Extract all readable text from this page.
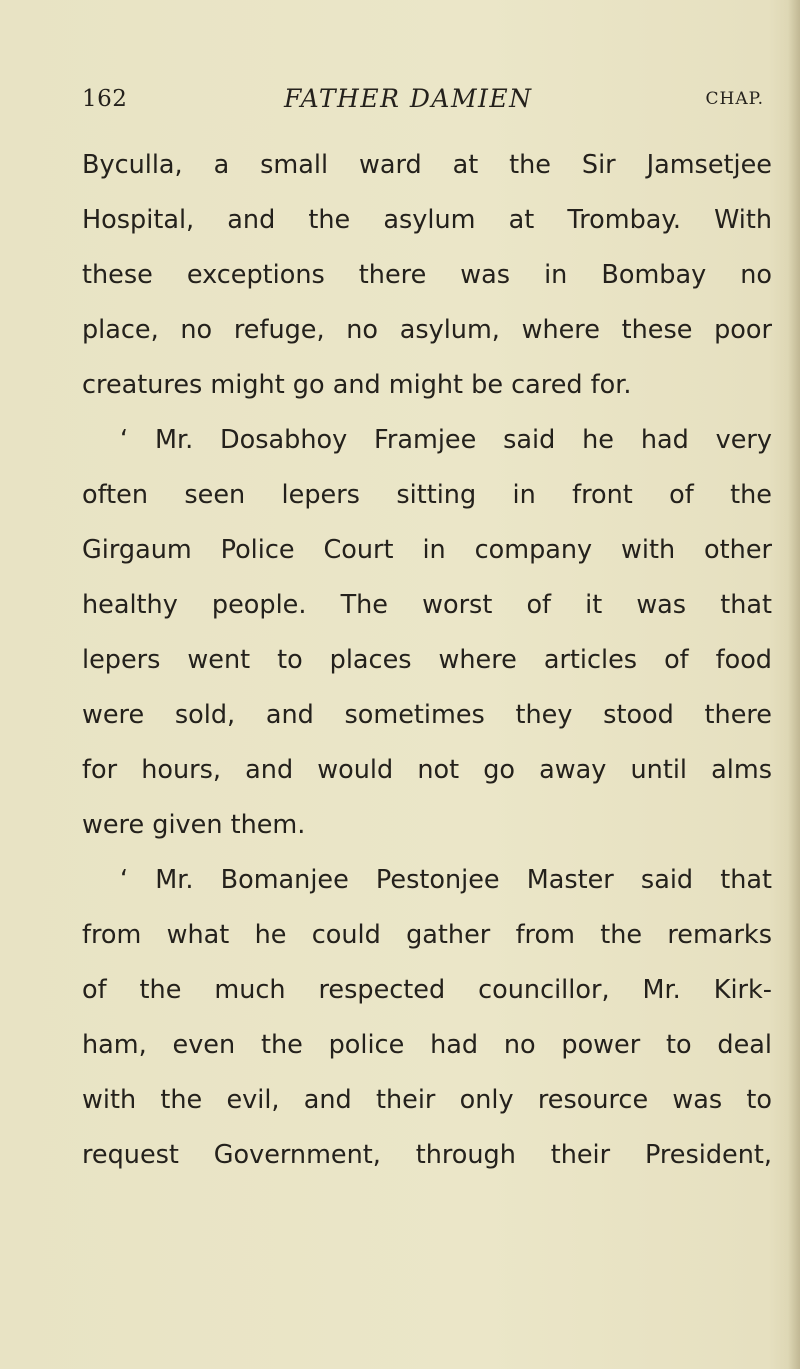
162	FATHER DAMIEN	CHAP.
Byculla, a small ward at the Sir Jamsetjee
Hospital, and the asylum at Trombay. With
these exceptions there was in Bombay no
place, no refuge, no asylum, where these poor
creatures might go and might be cared for.
‘ Mr. Dosabhoy Framjee said he had very
often seen lepers sitting in front of the
Girgaum Police Court in company with other
healthy people. The worst of it was that
lepers went to places where articles of food
were sold, and sometimes they stood there
for hours, and would not go away until alms
were given them.
‘ Mr. Bomanjee Pestonjee Master said that
from what he could gather from the remarks
of the much respected councillor, Mr. Kirk-
ham, even the police had no power to deal
with the evil, and their only resource was to
request Government, through their President,
